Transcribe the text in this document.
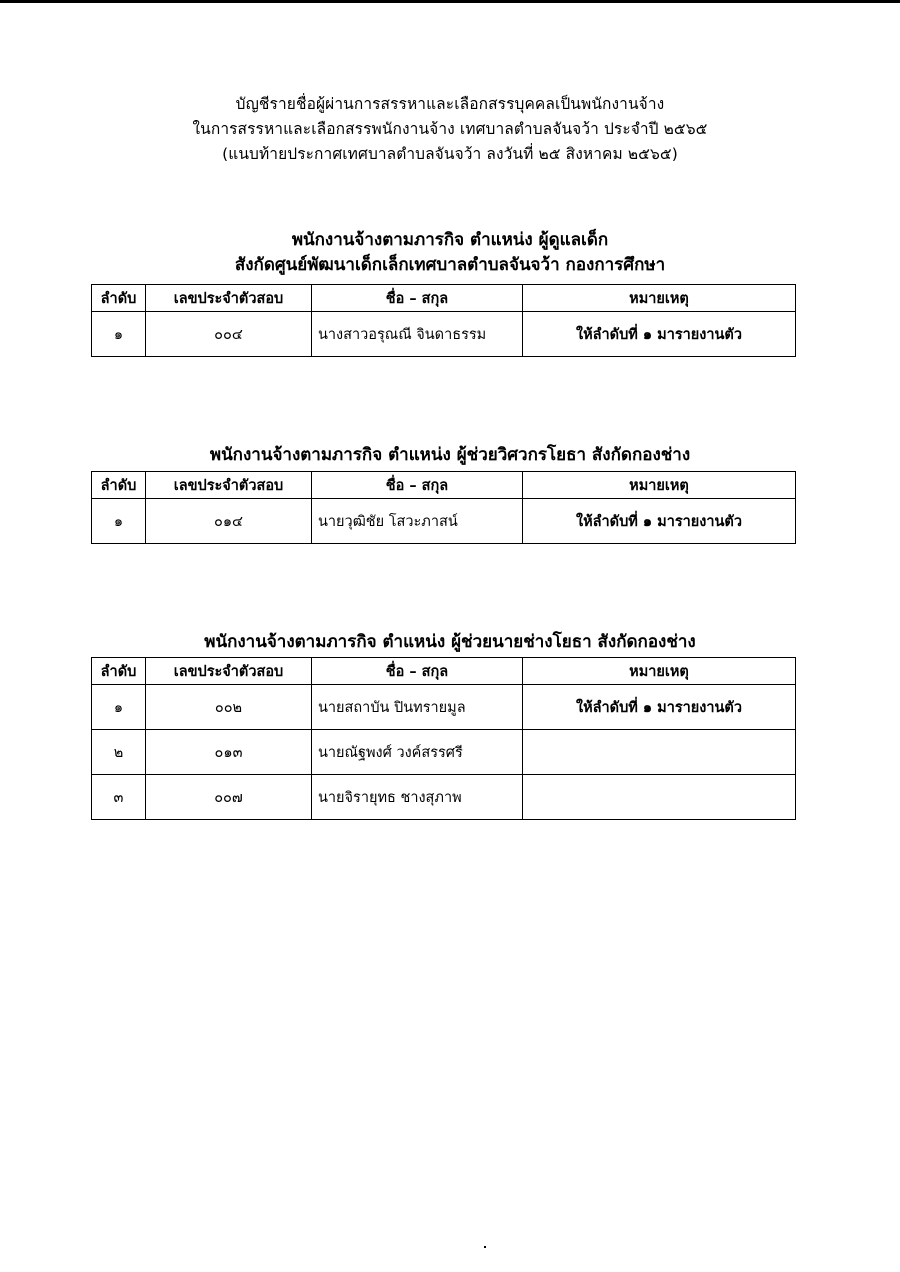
บัญชีรายชื่อผู้ผ่านการสรรหาและเลือกสรรบุคคลเป็นพนักงานจ้าง
ในการสรรหาและเลือกสรรพนักงานจ้าง เทศบาลตำบลจันจว้า ประจำปี ๒๕๖๕
(แนบท้ายประกาศเทศบาลตำบลจันจว้า ลงวันที่ ๒๕ สิงหาคม ๒๕๖๕)
พนักงานจ้างตามภารกิจ ตำแหน่ง ผู้ดูแลเด็ก
สังกัดศูนย์พัฒนาเด็กเล็กเทศบาลตำบลจันจว้า กองการศึกษา
ลำดับ	เลขประจำตัวสอบ	ชื่อ – สกุล	หมายเหตุ
๑	๐๐๔	นางสาวอรุณณี จินดาธรรม	ให้ลำดับที่ ๑ มารายงานตัว
พนักงานจ้างตามภารกิจ ตำแหน่ง ผู้ช่วยวิศวกรโยธา สังกัดกองช่าง
ลำดับ	เลขประจำตัวสอบ	ชื่อ – สกุล	หมายเหตุ
๑	๐๑๔	นายวุฒิชัย โสวะภาสน์	ให้ลำดับที่ ๑ มารายงานตัว
พนักงานจ้างตามภารกิจ ตำแหน่ง ผู้ช่วยนายช่างโยธา สังกัดกองช่าง
ลำดับ	เลขประจำตัวสอบ	ชื่อ – สกุล	หมายเหตุ
๑	๐๐๒	นายสถาบัน ปินทรายมูล	ให้ลำดับที่ ๑ มารายงานตัว
๒	๐๑๓	นายณัฐพงศ์ วงค์สรรศรี	
๓	๐๐๗	นายจิรายุทธ ชางสุภาพ	
